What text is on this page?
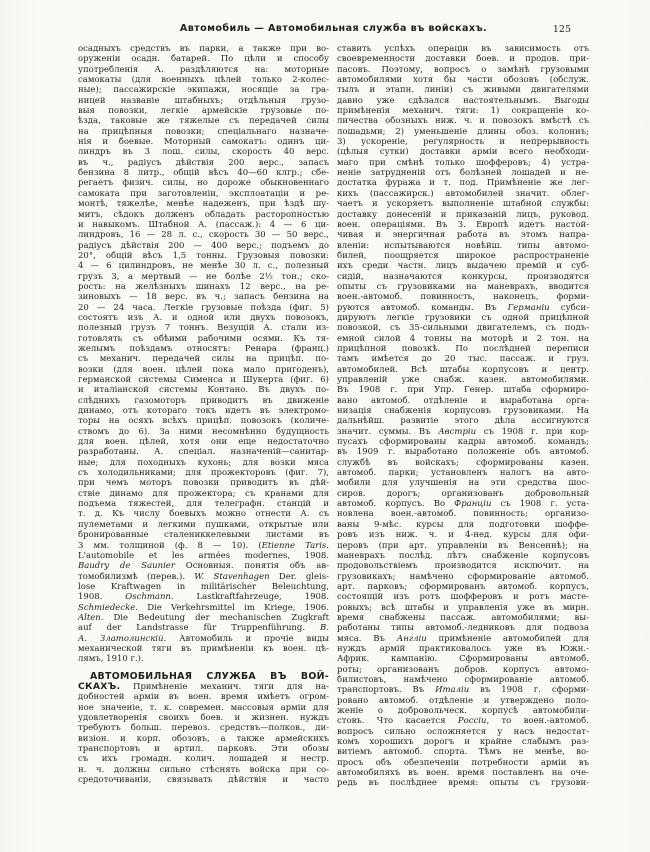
Автомобиль — Автомобильная служба въ войскахъ.	125
осадныхъ средствъ въ парки, а также при во-
оруженіи осадн. батарей. По цѣли и способу
употребленія А. раздѣляются на: моторные
самокаты (для военныхъ цѣлей только 2-колес-
ные); пассажирскіе экипажи, носящіе за гра-
ницей названіе штабныхъ; отдѣльныя грузо-
выя повозки, легкіе армейскіе грузовые по-
ѣзда, таковые же тяжелые съ передачей силы
на прицѣпныя повозки; спеціальнаго назначе-
нія и боевые. Моторный самокатъ: одинъ ци-
линдръ въ 3 лош. силы, скорость 40 верс.
въ ч., радіусъ дѣйствія 200 верс., запасъ
бензина 8 литр., общій вѣсъ 40—60 клгр.; сбе-
регаетъ физич. силы, но дороже обыкновеннаго
самоката при заготовленіи, эксплоатаціи и ре-
монтѣ, тяжелѣе, менѣе надеженъ, при ѣздѣ шу-
митъ, сѣдокъ долженъ обладать расторопностью
и навыкомъ. Штабной А. (пассаж.): 4 — 6 ци-
линдровъ, 16 — 28 л. с., скорость 30 — 50 верс.,
радіусъ дѣйствія 200 — 400 верс.; подъемъ до
20°, общій вѣсъ 1,5 тонны. Грузовыя повозки:
4 — 6 цилиндровъ, не менѣе 30 л. с., полезный
грузъ 3, а мертвый — не болѣе 2½ тон.; ско-
рость: на желѣзныхъ шинахъ 12 верс., на ре-
зиновыхъ — 18 верс. въ ч.; запасъ бензина на
20 — 24 часа. Легкіе грузовые поѣзда (фиг. 5)
состоятъ изъ А. и одной или двухъ повозокъ,
полезный грузъ 7 тоннъ. Везущій А. стали из-
готовлять съ обѣими рабочими осями. Къ тя-
желымъ поѣздамъ относятъ: Ренара (франц.)
съ механич. передачей силы на прицѣп. по-
возки (для воен. цѣлей пока мало пригоденъ),
германской системы Сименса и Шукерта (фиг. 6)
и италіанской системы Контано. Въ двухъ по-
слѣднихъ газомоторъ приводитъ въ движеніе
динамо, отъ котораго токъ идетъ въ электромо-
торы на осяхъ всѣхъ прицѣп. повозокъ (количе-
ствомъ до 6). За ними несомнѣнно будущность
для воен. цѣлей, хотя они еще недостаточно
разработаны. А. спеціал. назначеній—санитар-
ные; для походныхъ кухонь; для возки мяса
съ холодильниками; для прожекторовъ (фиг. 7),
при чемъ моторъ повозки приводитъ въ дѣй-
ствіе динамо для прожектора; съ кранами для
подъема тяжестей, для телеграфн. станцій и
т. д. Къ числу боевыхъ можно отнести А. съ
пулеметами и легкими пушками, открытые или
бронированные сталениккелевыми листами въ
3 мм. толщиной (ф. 8 — 10). (Etienne Taris.
L'automobile et les armées modernes, 1908.
Baudry de Saunier Основныя. понятія объ ав-
томобилизмѣ (перев.). W. Stavenhagen Der. gleis-
lose Kraftwagen in militärischer Beleuchtung,
1908. Oschmann. Lastkraftfahrzeuge, 1908.
Schmiedecke. Die Verkehrsmittel im Kriege, 1906.
Alten. Die Bedeutung der mechanischen Zugkraft
auf der Landstrasse für Truppenführung. В.
А. Златолинскій. Автомобиль и прочіе виды
механической тяги въ примѣненіи къ воен. цѣ-
лямъ, 1910 г.).
АВТОМОБИЛЬНАЯ СЛУЖБА ВЪ ВОЙ-
СКАХЪ. Примѣненіе механич. тяги для на-
добностей арміи въ воен. время имѣетъ огром-
ное значеніе, т. к. современ. массовыя арміи для
удовлетворенія своихъ боев. и жизнен. нуждъ
требуютъ больш. перевоз. средствъ—полков., ди-
визіон. и корп. обозовъ, а также армейскихъ
транспортовъ и артил. парковъ. Эти обозы
съ ихъ громадн. колич. лошадей и нестр.
н. ч. должны сильно стѣснять войска при со-
средоточиваніи, связывать дѣйствія и часто
ставить успѣхъ операціи въ зависимость отъ
своевременности доставки боев. и продов. при-
пасовъ. Поэтому, вопросъ о замѣнѣ грузовыми
автомобилями хотя бы части обозовъ (обслуж.
тылъ и этапн. линіи) съ живыми двигателями
давно уже сдѣлался настоятельнымъ. Выгоды
примѣненія механич. тяги: 1) сокращеніе ко-
личества обозныхъ ниж. ч. и повозокъ вмѣстѣ съ
лошадьми; 2) уменьшеніе длины обоз. колоннъ;
3) ускореніе, регулярность и непрерывность
(цѣлыя сутки) доставки арміи всего необходи-
маго при смѣнѣ только шофферовъ; 4) устра-
неніе затрудненій отъ болѣзней лошадей и не-
достатка фуража и т. под. Примѣненіе же лег-
кихъ (пассажирск.) автомобилей значит. облег-
чаетъ и ускоряетъ выполненіе штабной службы:
доставку донесеній и приказаній лицъ, руковод.
воен. операціями. Въ З. Европѣ идетъ настой-
чивая и энергичная работа въ этомъ напра-
вленіи: испытываются новѣйш. типы автомо-
билей, поощряется широкое распространеніе
ихъ среди частн. лицъ выдачею премій и суб-
сидій, назначаются конкурсы, производятся
опыты съ грузовиками на маневрахъ, вводится
воен.-автомоб. повинность, наконецъ, форми-
руются автомоб. команды. Въ Германіи субси-
дируютъ легкіе грузовики съ одной прицѣпной
повозкой, съ 35-сильными двигателемъ, съ подъ-
емной силой 4 тонны на моторѣ и 2 тон. на
прицѣпной повозкѣ. По послѣдней переписи
тамъ имѣется до 20 тыс. пассаж. и груз.
автомобилей. Всѣ штабы корпусовъ и центр.
управленій уже снабж. казен. автомобилями.
Въ 1908 г. при Упр. Генер. штаба сформиро-
вано автомоб. отдѣленіе и выработана орга-
низація снабженія корпусовъ грузовиками. На
дальнѣйш. развитіе этого дѣла ассигнуются
значит. суммы. Въ Австріи съ 1908 г. при кор-
пусахъ сформированы кадры автомоб. командъ;
въ 1909 г. выработано положеніе объ автомоб.
службѣ въ войскахъ; сформированы казен.
автомоб. парки; установленъ налогъ на авто-
мобили для улучшенія на эти средства шос-
сиров. дорогъ; организованъ добровольный
автомоб. корпусъ. Во Франціи съ 1908 г. уста-
новлена воен.-автомоб. повинность; организо-
ваны 9-мѣс. курсы для подготовки шоффе-
ровъ изъ ниж. ч. и 4-нед. курсы для офи-
церовъ (при арт. управленіи въ Венсеннѣ); на
маневрахъ послѣд. лѣтъ снабженіе корпусовъ
продовольствіемъ производится исключит. на
грузовикахъ; намѣчено сформированіе автомоб.
арт. парковъ; сформированъ автомоб. корпусъ,
состоящій изъ ротъ шофферовъ и ротъ масте-
ровыхъ; всѣ штабы и управленія уже въ мирн.
время снабжены пассаж. автомобилями; вы-
работаны типы автомоб.-ледниковъ для подвоза
мяса. Въ Англіи примѣненіе автомобилей для
нуждъ армій практиковалось уже въ Южн.-
Африк. кампанію. Сформированы автомоб.
роты; организованъ добров. корпусъ автомо-
билистовъ, намѣчено сформированіе автомоб.
транспортовъ. Въ Италіи въ 1908 г. сформи-
ровано автомоб. отдѣленіе и утверждено поло-
женіе о добровольческ. корпусѣ автомобили-
стовъ. Что касается Россіи, то воен.-автомоб.
вопросъ сильно осложняется у насъ недостат-
комъ хорошихъ дорогъ и крайне слабымъ раз-
витіемъ автомоб. спорта. Тѣмъ не менѣе, во-
просъ объ обезпеченіи потребности арміи въ
автомобиляхъ въ воен. время поставленъ на оче-
редь въ послѣднее время: опыты съ грузови-
